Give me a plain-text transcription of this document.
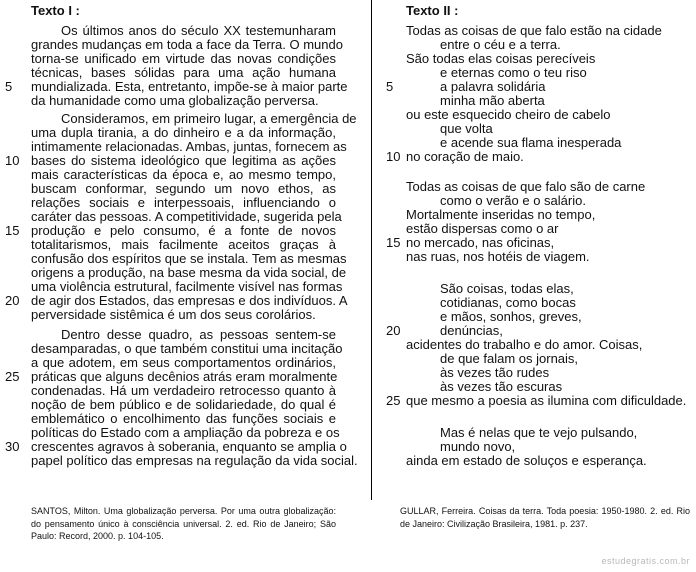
Texto I :
Os últimos anos do século XX testemunharam
grandes mudanças em toda a face da Terra. O mundo
torna-se unificado em virtude das novas condições
técnicas, bases sólidas para uma ação humana
mundializada. Esta, entretanto, impõe-se à maior parte
da humanidade como uma globalização perversa.
Consideramos, em primeiro lugar, a emergência de
uma dupla tirania, a do dinheiro e a da informação,
intimamente relacionadas. Ambas, juntas, fornecem as
bases do sistema ideológico que legitima as ações
mais características da época e, ao mesmo tempo,
buscam conformar, segundo um novo ethos, as
relações sociais e interpessoais, influenciando o
caráter das pessoas. A competitividade, sugerida pela
produção e pelo consumo, é a fonte de novos
totalitarismos, mais facilmente aceitos graças à
confusão dos espíritos que se instala. Tem as mesmas
origens a produção, na base mesma da vida social, de
uma violência estrutural, facilmente visível nas formas
de agir dos Estados, das empresas e dos indivíduos. A
perversidade sistêmica é um dos seus corolários.
Dentro desse quadro, as pessoas sentem-se
desamparadas, o que também constitui uma incitação
a que adotem, em seus comportamentos ordinários,
práticas que alguns decênios atrás eram moralmente
condenadas. Há um verdadeiro retrocesso quanto à
noção de bem público e de solidariedade, do qual é
emblemático o encolhimento das funções sociais e
políticas do Estado com a ampliação da pobreza e os
crescentes agravos à soberania, enquanto se amplia o
papel político das empresas na regulação da vida social.
5
10
15
20
25
30
SANTOS, Milton. Uma globalização perversa. Por uma outra globalização: do pensamento único à consciência universal. 2. ed. Rio de Janeiro; São Paulo: Record, 2000. p. 104-105.
Texto II :
Todas as coisas de que falo estão na cidade
entre o céu e a terra.
São todas elas coisas perecíveis
e eternas como o teu riso
a palavra solidária
minha mão aberta
ou este esquecido cheiro de cabelo
que volta
e acende sua flama inesperada
no coração de maio.
Todas as coisas de que falo são de carne
como o verão e o salário.
Mortalmente inseridas no tempo,
estão dispersas como o ar
no mercado, nas oficinas,
nas ruas, nos hotéis de viagem.
São coisas, todas elas,
cotidianas, como bocas
e mãos, sonhos, greves,
denúncias,
acidentes do trabalho e do amor. Coisas,
de que falam os jornais,
às vezes tão rudes
às vezes tão escuras
que mesmo a poesia as ilumina com dificuldade.
Mas é nelas que te vejo pulsando,
mundo novo,
ainda em estado de soluços e esperança.
5
10
15
20
25
GULLAR, Ferreira. Coisas da terra. Toda poesia: 1950-1980. 2. ed. Rio de Janeiro: Civilização Brasileira, 1981. p. 237.
estudegratis.com.br
